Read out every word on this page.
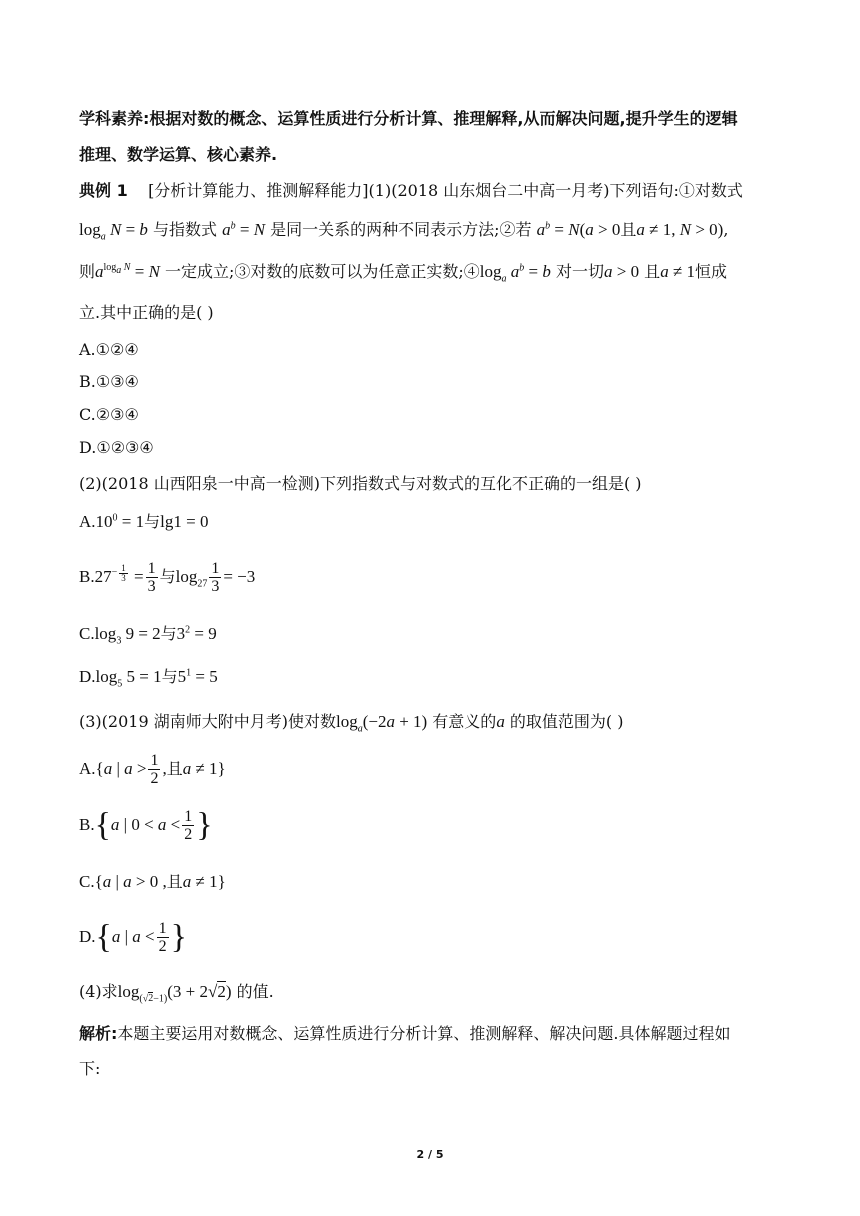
学科素养:根据对数的概念、运算性质进行分析计算、推理解释,从而解决问题,提升学生的逻辑
推理、数学运算、核心素养.
典例 1 [分析计算能力、推测解释能力](1)(2018 山东烟台二中高一月考)下列语句:①对数式
$\log_a N = b$ 与指数式 $a^b = N$ 是同一关系的两种不同表示方法;②若 $a^b = N(a > 0$且a ≠ 1, N > 0),
则$a^{log_a N} = N$ 一定成立;③对数的底数可以为任意正实数$;④\log_a$ $a^b = b$ 对一切a > 0 且a ≠ 1恒成
立.其中正确的是( )
A.①②④
B.①③④
C.②③④
D.①②③④
(2)(2018 山西阳泉一中高一检测)下列指数式与对数式的互化不正确的一组是( )
$A.10^0 = 1$与lg1 = 0
$B.27^{- \frac{1}{3}} = \frac{1}{3}$ 与$\log_{27} \frac{1}{3} = -3$
$C.\log_3$ 9 = 2与$3^2 = 9$
$D.\log_5$ 5 = 1与$5^1 = 5$
(3)(2019 湖南师大附中月考)使对数$\log_a(-2a + 1)$ 有意义的a 的取值范围为( )
A.{a | $a > \frac{1}{2}$ ,且a ≠ 1}
B.{a | $0 < a < \frac{1}{2}$ }
C.{a | a > 0 ,且a ≠ 1}
D.{a | $a < \frac{1}{2}$ }
(4)求$\log_{(√2-1)}(3 + 2√2)$ 的值.
解析:本题主要运用对数概念、运算性质进行分析计算、推测解释、解决问题.具体解题过程如
下:
2 / 5
